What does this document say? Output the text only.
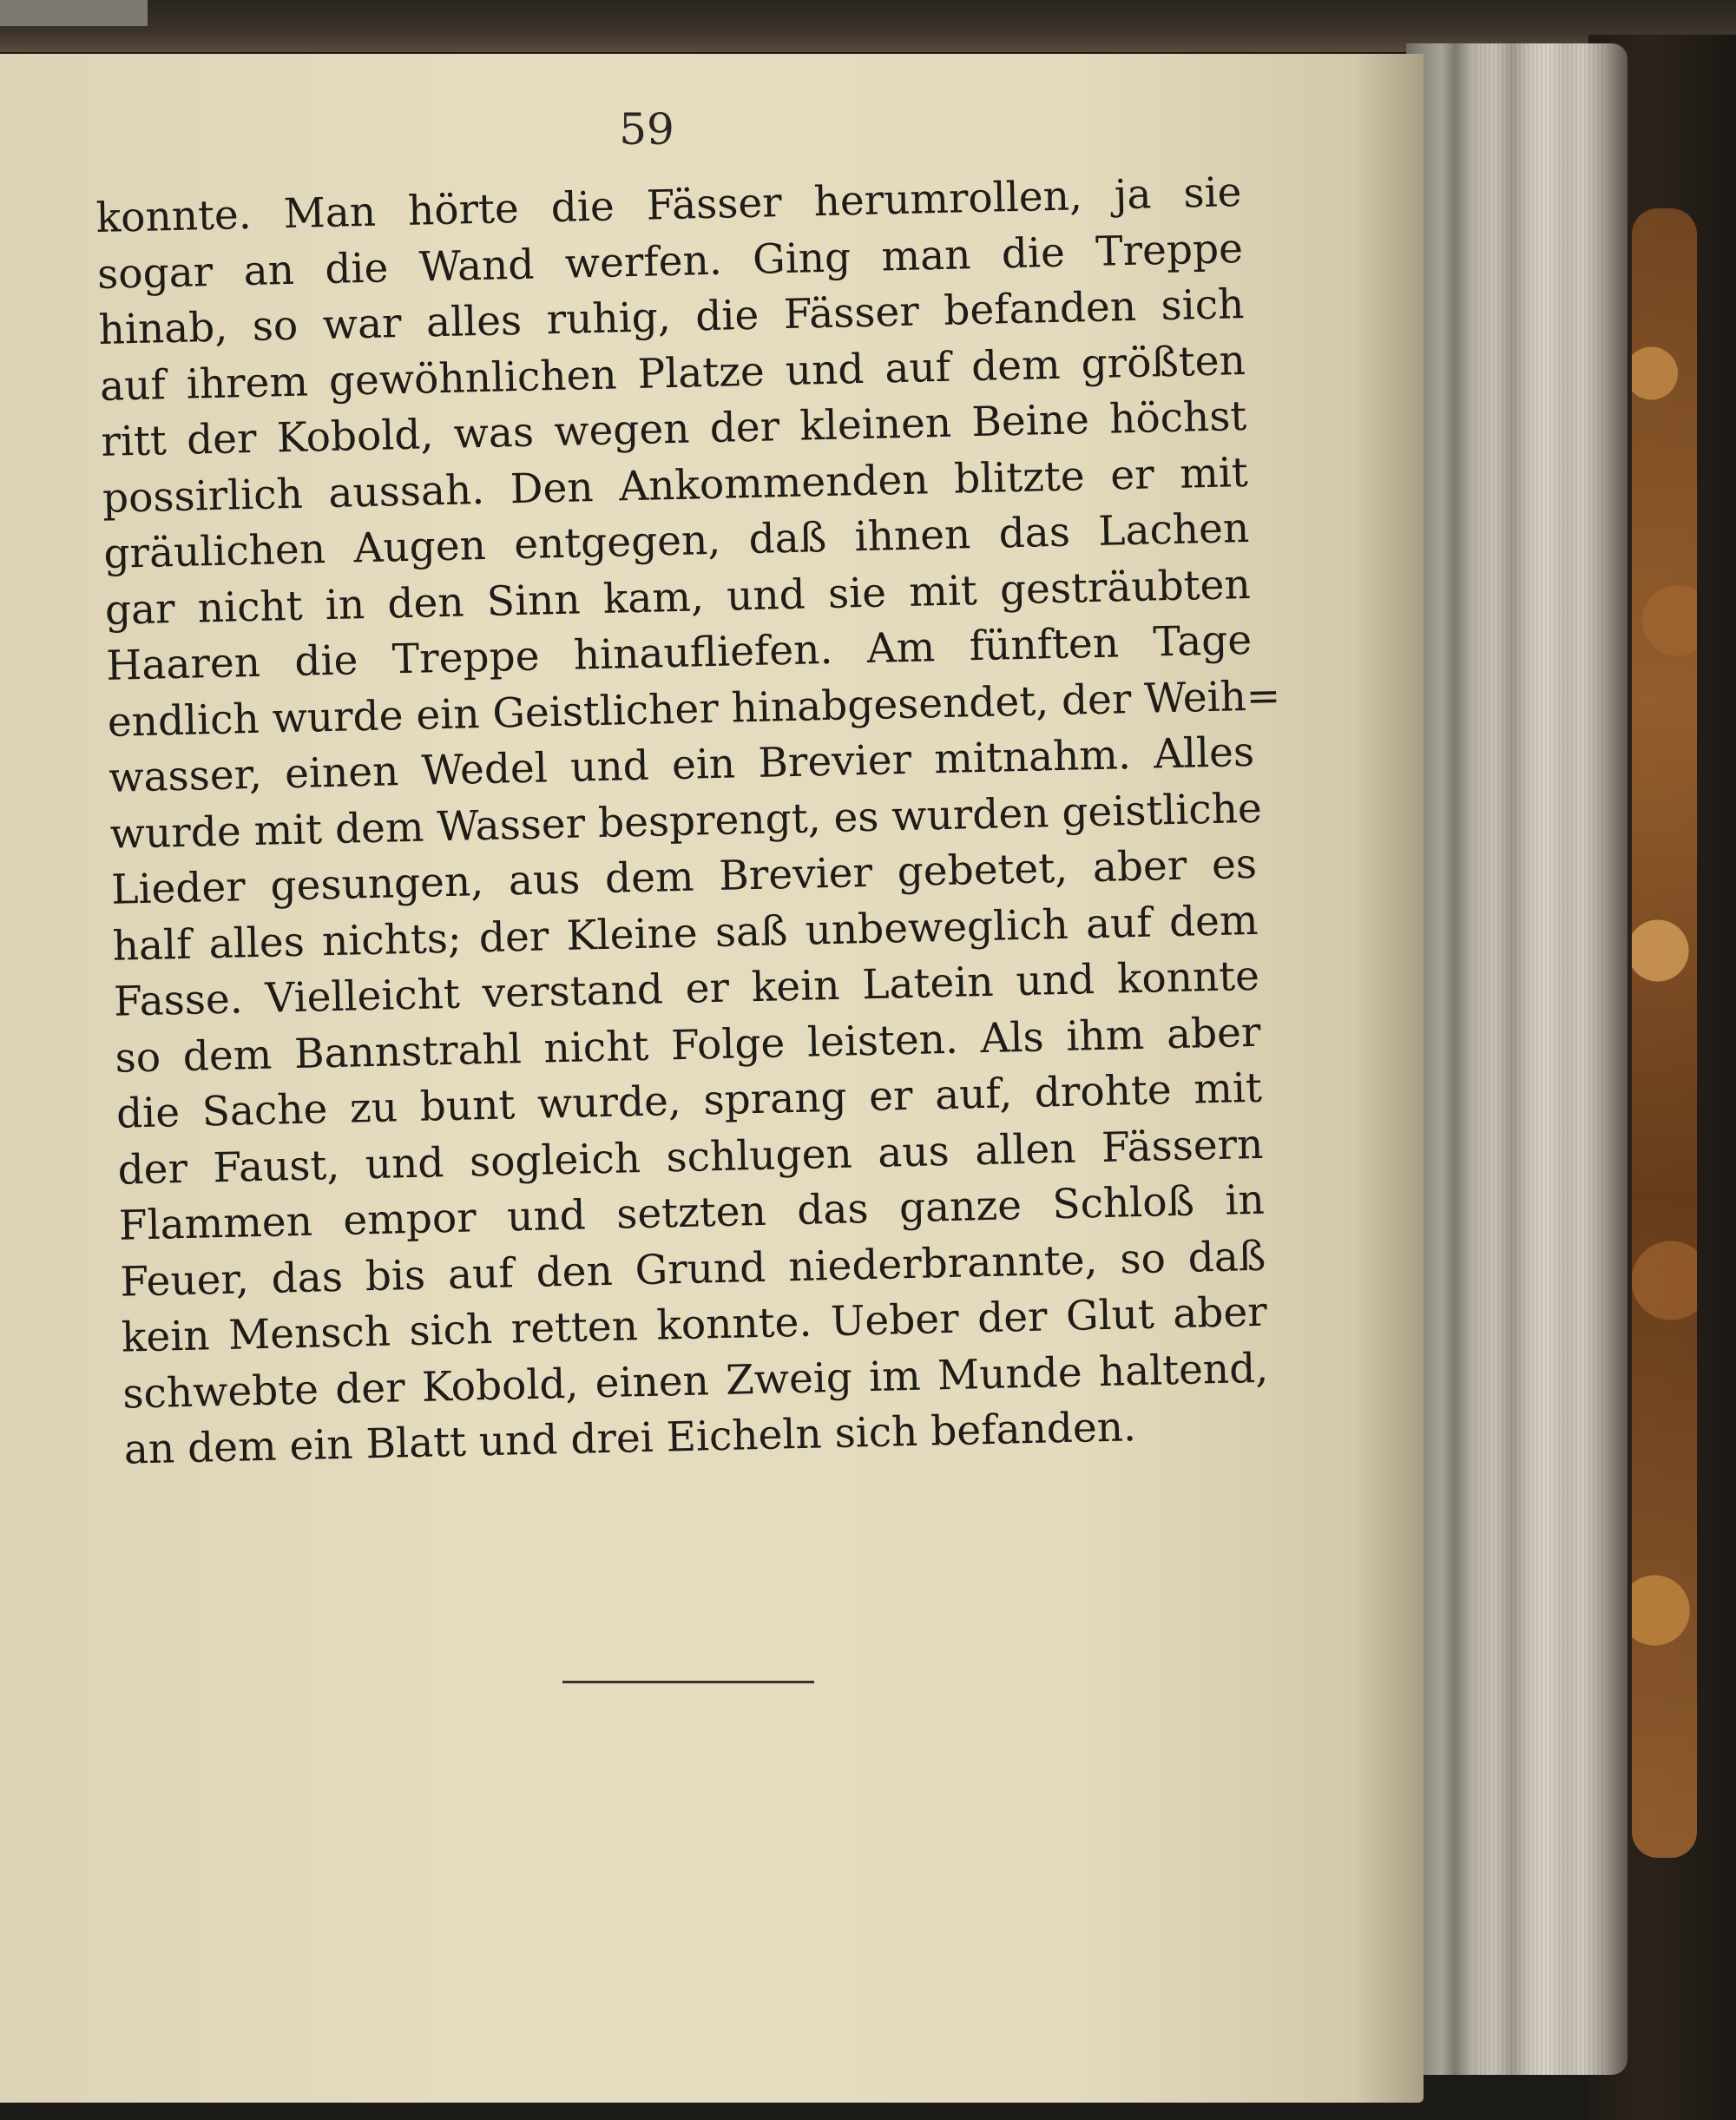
59
konnte. Man hörte die Fässer herumrollen, ja sie
sogar an die Wand werfen. Ging man die Treppe
hinab, so war alles ruhig, die Fässer befanden sich
auf ihrem gewöhnlichen Platze und auf dem größten
ritt der Kobold, was wegen der kleinen Beine höchst
possirlich aussah. Den Ankommenden blitzte er mit
gräulichen Augen entgegen, daß ihnen das Lachen
gar nicht in den Sinn kam, und sie mit gesträubten
Haaren die Treppe hinaufliefen. Am fünften Tage
endlich wurde ein Geistlicher hinabgesendet, der Weih=
wasser, einen Wedel und ein Brevier mitnahm. Alles
wurde mit dem Wasser besprengt, es wurden geistliche
Lieder gesungen, aus dem Brevier gebetet, aber es
half alles nichts; der Kleine saß unbeweglich auf dem
Fasse. Vielleicht verstand er kein Latein und konnte
so dem Bannstrahl nicht Folge leisten. Als ihm aber
die Sache zu bunt wurde, sprang er auf, drohte mit
der Faust, und sogleich schlugen aus allen Fässern
Flammen empor und setzten das ganze Schloß in
Feuer, das bis auf den Grund niederbrannte, so daß
kein Mensch sich retten konnte. Ueber der Glut aber
schwebte der Kobold, einen Zweig im Munde haltend,
an dem ein Blatt und drei Eicheln sich befanden.
